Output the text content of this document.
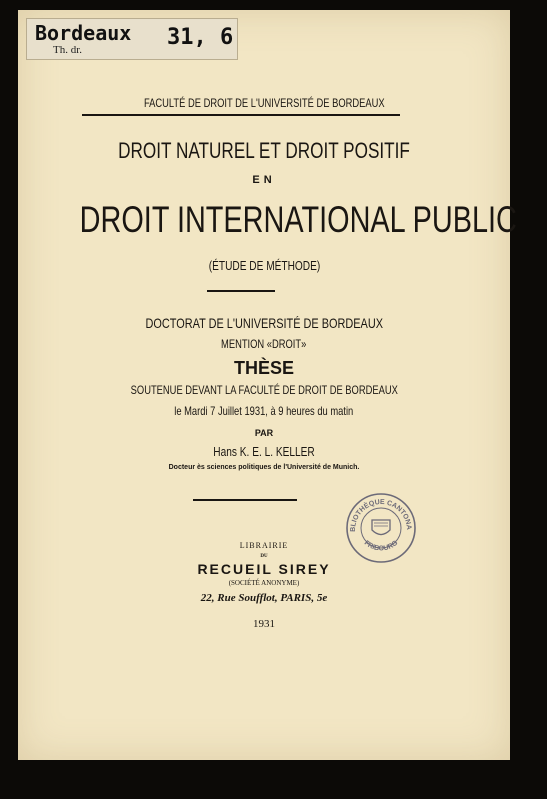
Bordeaux 31, 6
Th. dr.
FACULTÉ DE DROIT DE L'UNIVERSITÉ DE BORDEAUX
DROIT NATUREL ET DROIT POSITIF
EN
DROIT INTERNATIONAL PUBLIC
(ÉTUDE DE MÉTHODE)
DOCTORAT DE L'UNIVERSITÉ DE BORDEAUX
MENTION «DROIT»
THÈSE
SOUTENUE DEVANT LA FACULTÉ DE DROIT DE BORDEAUX
le Mardi 7 Juillet 1931, à 9 heures du matin
PAR
Hans K. E. L. KELLER
Docteur ès sciences politiques de l'Université de Munich.
BLIOTHÈQUE CANTONA
FRIBOURG
LIBRAIRIE
DU
RECUEIL SIREY
(SOCIÉTÉ ANONYME)
22, Rue Soufflot, PARIS, 5e
1931
